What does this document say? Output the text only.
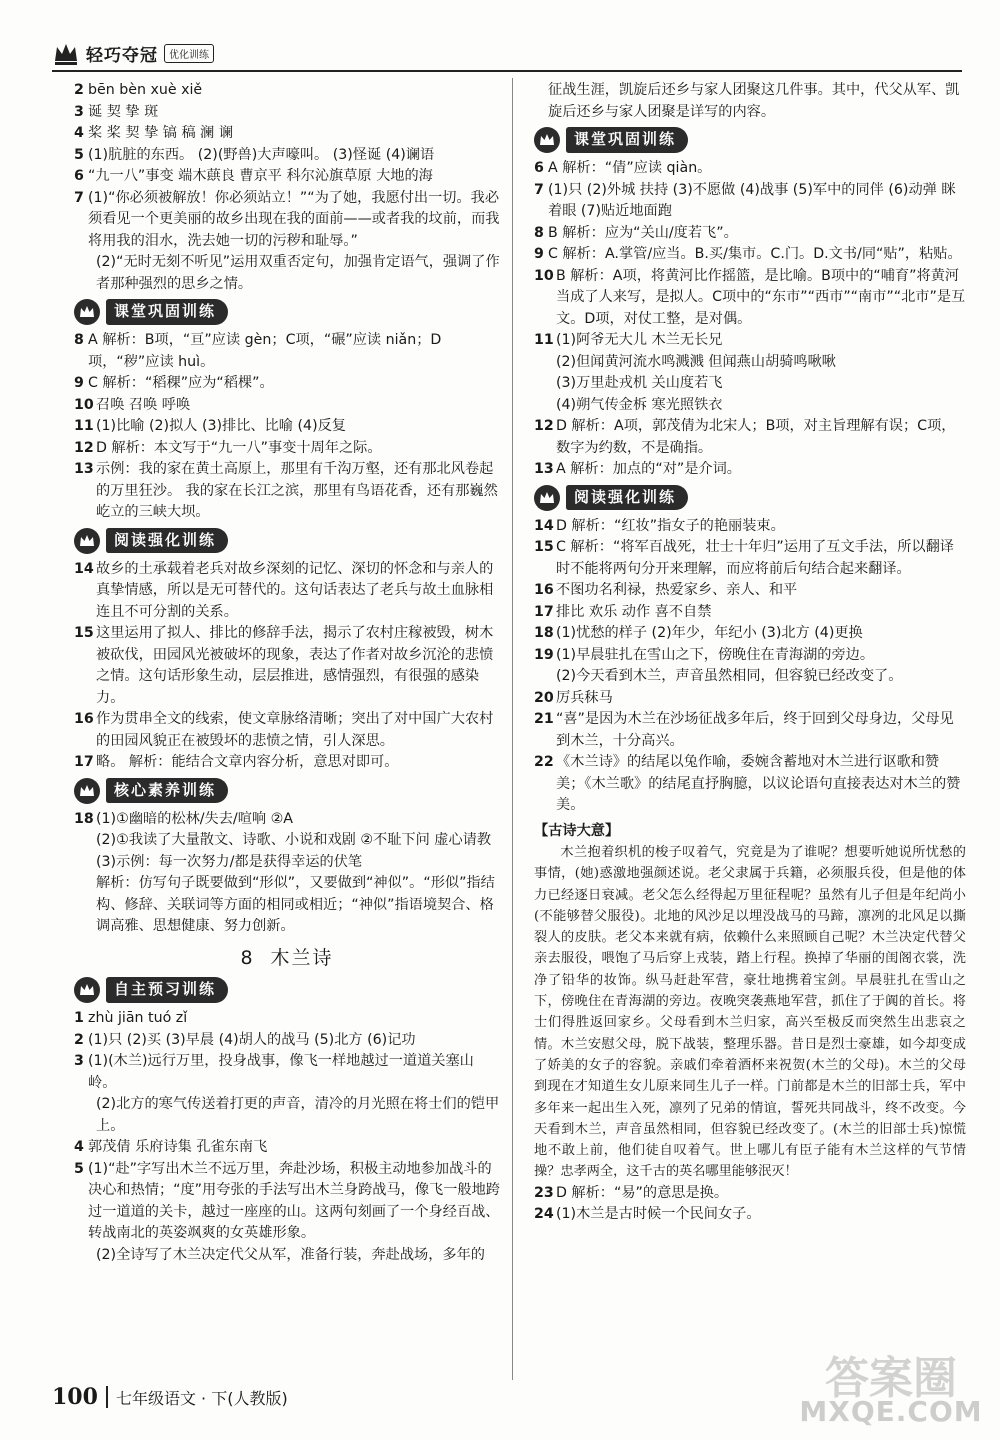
轻巧夺冠	优化训练
2 bēn bèn xuè xiě
3 诞 契 挚 斑
4 桨 桨 契 挚 镐 稿 澜 谰
5 (1)肮脏的东西。 (2)(野兽)大声嚎叫。 (3)怪诞 (4)谰语
6 “九一八”事变 端木蕻良 曹京平 科尔沁旗草原 大地的海
7 (1)“你必须被解放！你必须站立！”“为了她，我愿付出一切。我必须看见一个更美丽的故乡出现在我的面前——或者我的坟前，而我将用我的泪水，洗去她一切的污秽和耻辱。”
(2)“无时无刻不听见”运用双重否定句，加强肯定语气，强调了作者那种强烈的思乡之情。
课堂巩固训练
8 A 解析：B项，“亘”应读 gèn；C项，“碾”应读 niǎn；D项，“秽”应读 huì。
9 C 解析：“稻稞”应为“稻棵”。
10 召唤 召唤 呼唤
11 (1)比喻 (2)拟人 (3)排比、比喻 (4)反复
12 D 解析：本文写于“九一八”事变十周年之际。
13 示例：我的家在黄土高原上，那里有千沟万壑，还有那北风卷起的万里狂沙。 我的家在长江之滨，那里有鸟语花香，还有那巍然屹立的三峡大坝。
阅读强化训练
14 故乡的土承载着老兵对故乡深刻的记忆、深切的怀念和与亲人的真挚情感，所以是无可替代的。这句话表达了老兵与故土血脉相连且不可分割的关系。
15 这里运用了拟人、排比的修辞手法，揭示了农村庄稼被毁，树木被砍伐，田园风光被破坏的现象，表达了作者对故乡沉沦的悲愤之情。这句话形象生动，层层推进，感情强烈，有很强的感染力。
16 作为贯串全文的线索，使文章脉络清晰；突出了对中国广大农村的田园风貌正在被毁坏的悲愤之情，引人深思。
17 略。 解析：能结合文章内容分析，意思对即可。
核心素养训练
18 (1)①幽暗的松林/失去/喧响 ②A
(2)①我读了大量散文、诗歌、小说和戏剧 ②不耻下问 虚心请教
(3)示例：每一次努力/都是获得幸运的伏笔
解析：仿写句子既要做到“形似”，又要做到“神似”。“形似”指结构、修辞、关联词等方面的相同或相近；“神似”指语境契合、格调高雅、思想健康、努力创新。
8 木兰诗
自主预习训练
1 zhù jiān tuó zǐ
2 (1)只 (2)买 (3)早晨 (4)胡人的战马 (5)北方 (6)记功
3 (1)(木兰)远行万里，投身战事，像飞一样地越过一道道关塞山岭。
(2)北方的寒气传送着打更的声音，清冷的月光照在将士们的铠甲上。
4 郭茂倩 乐府诗集 孔雀东南飞
5 (1)“赴”字写出木兰不远万里，奔赴沙场，积极主动地参加战斗的决心和热情；“度”用夸张的手法写出木兰身跨战马，像飞一般地跨过一道道的关卡，越过一座座的山。这两句刻画了一个身经百战、转战南北的英姿飒爽的女英雄形象。
(2)全诗写了木兰决定代父从军，准备行装，奔赴战场，多年的
征战生涯，凯旋后还乡与家人团聚这几件事。其中，代父从军、凯旋后还乡与家人团聚是详写的内容。
课堂巩固训练
6 A 解析：“倩”应读 qiàn。
7 (1)只 (2)外城 扶持 (3)不愿做 (4)战事 (5)军中的同伴 (6)动弹 眯着眼 (7)贴近地面跑
8 B 解析：应为“关山/度若飞”。
9 C 解析：A.掌管/应当。B.买/集市。C.门。D.文书/同“贴”，粘贴。
10 B 解析：A项，将黄河比作摇篮，是比喻。B项中的“哺育”将黄河当成了人来写，是拟人。C项中的“东市”“西市”“南市”“北市”是互文。D项，对仗工整，是对偶。
11 (1)阿爷无大儿 木兰无长兄
(2)但闻黄河流水鸣溅溅 但闻燕山胡骑鸣啾啾
(3)万里赴戎机 关山度若飞
(4)朔气传金柝 寒光照铁衣
12 D 解析：A项，郭茂倩为北宋人；B项，对主旨理解有误；C项，数字为约数，不是确指。
13 A 解析：加点的“对”是介词。
阅读强化训练
14 D 解析：“红妆”指女子的艳丽装束。
15 C 解析：“将军百战死，壮士十年归”运用了互文手法，所以翻译时不能将两句分开来理解，而应将前后句结合起来翻译。
16 不图功名利禄，热爱家乡、亲人、和平
17 排比 欢乐 动作 喜不自禁
18 (1)忧愁的样子 (2)年少，年纪小 (3)北方 (4)更换
19 (1)早晨驻扎在雪山之下，傍晚住在青海湖的旁边。
(2)今天看到木兰，声音虽然相同，但容貌已经改变了。
20 厉兵秣马
21 “喜”是因为木兰在沙场征战多年后，终于回到父母身边，父母见到木兰，十分高兴。
22 《木兰诗》的结尾以兔作喻，委婉含蓄地对木兰进行讴歌和赞美；《木兰歌》的结尾直抒胸臆，以议论语句直接表达对木兰的赞美。
【古诗大意】
木兰抱着织机的梭子叹着气，究竟是为了谁呢？想要听她说所忧愁的事情，(她)惑激地强颜述说。老父隶属于兵籍，必须服兵役，但是他的体力已经逐日衰减。老父怎么经得起万里征程呢？虽然有儿子但是年纪尚小(不能够替父服役)。北地的风沙足以埋没战马的马蹄，凛冽的北风足以撕裂人的皮肤。老父本来就有病，依赖什么来照顾自己呢？木兰决定代替父亲去服役，喂饱了马后穿上戎装，踏上行程。换掉了华丽的闺阁衣裳，洗净了铅华的妆饰。纵马赶赴军营，豪壮地携着宝剑。早晨驻扎在雪山之下，傍晚住在青海湖的旁边。夜晚突袭燕地军营，抓住了于阗的首长。将士们得胜返回家乡。父母看到木兰归家，高兴至极反而突然生出悲哀之情。木兰安慰父母，脱下战装，整理乐器。昔日是烈士豪雄，如今却变成了娇美的女子的容貌。亲戚们牵着酒杯来祝贺(木兰的父母)。木兰的父母到现在才知道生女儿原来同生儿子一样。门前都是木兰的旧部士兵，军中多年来一起出生入死，凛列了兄弟的情谊，誓死共同战斗，终不改变。今天看到木兰，声音虽然相同，但容貌已经改变了。(木兰的旧部士兵)惊慌地不敢上前，他们徒自叹着气。世上哪儿有臣子能有木兰这样的气节情操？忠孝两全，这千古的英名哪里能够泯灭！
23 D 解析：“易”的意思是换。
24 (1)木兰是古时候一个民间女子。
100 七年级语文 · 下(人教版)	答案圈
MXQE.COM
